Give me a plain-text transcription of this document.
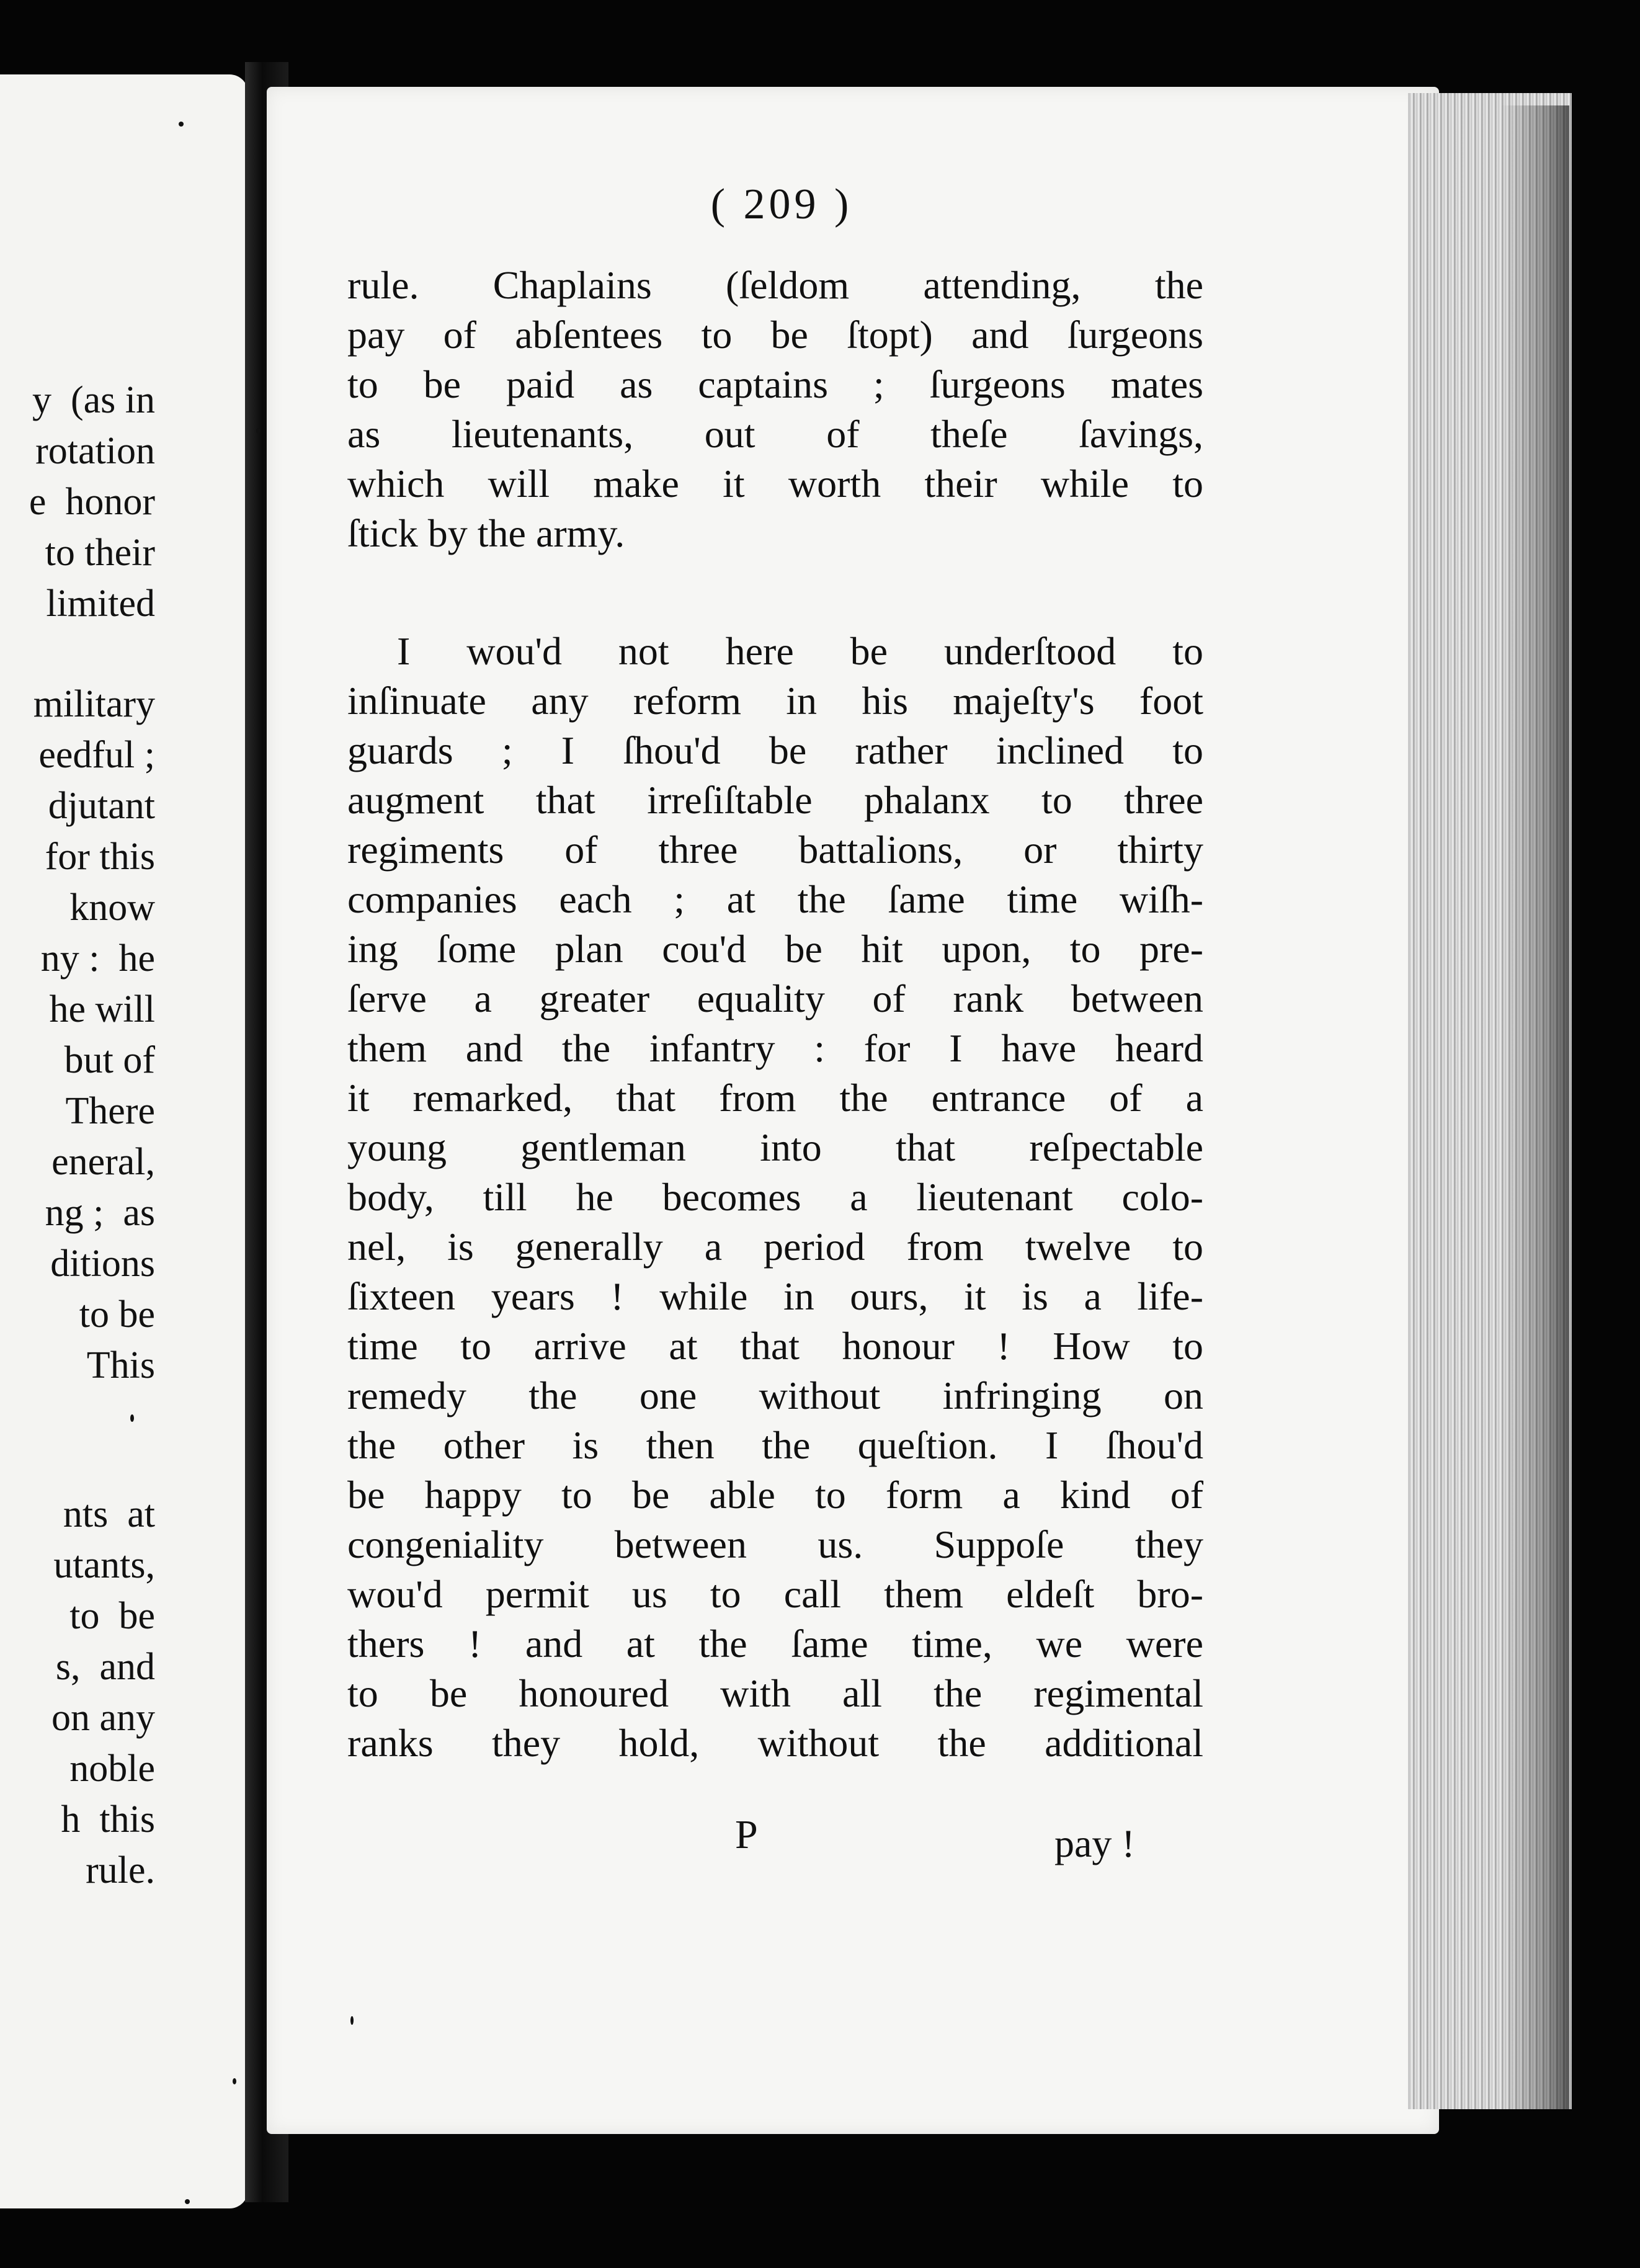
y  (as in
rotation
e  honor
to their
limited
military
eedful ;
djutant
for this
know
ny :  he
he will
but of
There
eneral,
ng ;  as
ditions
to be
This
nts  at
utants,
to  be
s,  and
on any
noble
h  this
rule.
( 209 )
rule. Chaplains (ſeldom attending, the
pay of abſentees to be ſtopt) and ſurgeons
to be paid as captains ; ſurgeons mates
as lieutenants, out of theſe ſavings,
which will make it worth their while to
ſtick by the army.
I wou'd not here be underſtood to
inſinuate any reform in his majeſty's foot
guards ; I ſhou'd be rather inclined to
augment that irreſiſtable phalanx to three
regiments of three battalions, or thirty
companies each ; at the ſame time wiſh-
ing ſome plan cou'd be hit upon, to pre-
ſerve a greater equality of rank between
them and the infantry : for I have heard
it remarked, that from the entrance of a
young gentleman into that reſpectable
body, till he becomes a lieutenant colo-
nel, is generally a period from twelve to
ſixteen years ! while in ours, it is a life-
time to arrive at that honour ! How to
remedy the one without infringing on
the other is then the queſtion. I ſhou'd
be happy to be able to form a kind of
congeniality between us. Suppoſe they
wou'd permit us to call them eldeſt bro-
thers ! and at the ſame time, we were
to be honoured with all the regimental
ranks they hold, without the additional
P	pay !
